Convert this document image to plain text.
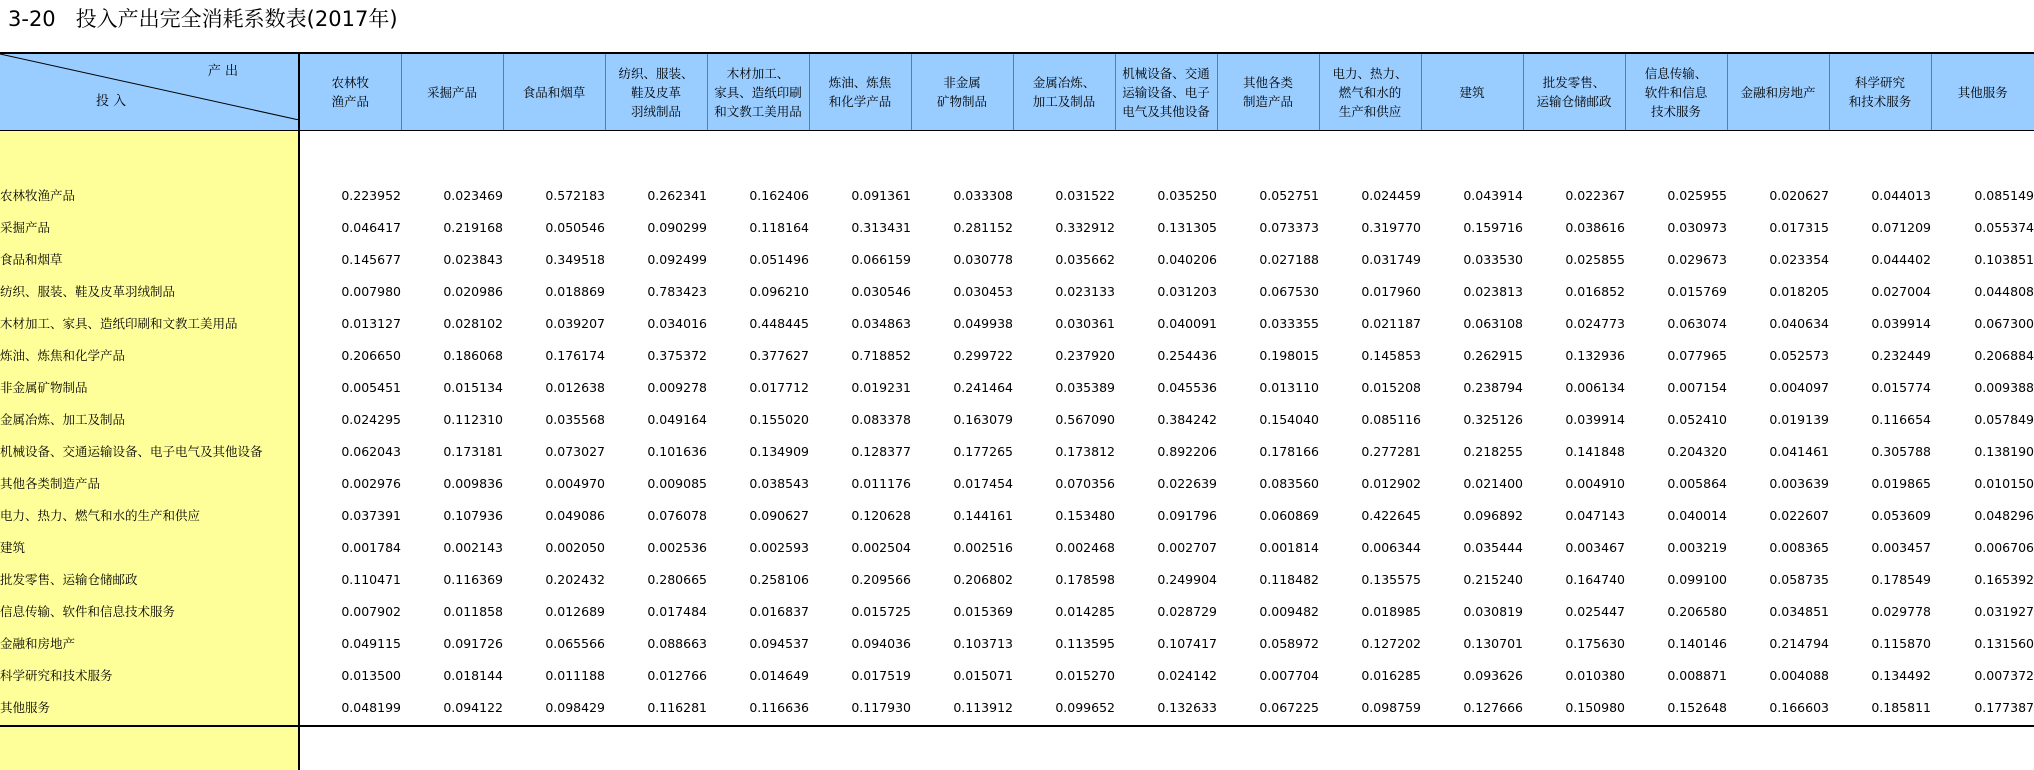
3-20   投入产出完全消耗系数表(2017年)

产 出

投 入	农林牧
渔产品	采掘产品	食品和烟草	纺织、服装、
鞋及皮革
羽绒制品	木材加工、
家具、造纸印刷
和文教工美用品	炼油、炼焦
和化学产品	非金属
矿物制品	金属冶炼、
加工及制品	机械设备、交通
运输设备、电子
电气及其他设备	其他各类
制造产品	电力、热力、
燃气和水的
生产和供应	建筑	批发零售、
运输仓储邮政	信息传输、
软件和信息
技术服务	金融和房地产	科学研究
和技术服务	其他服务

农林牧渔产品	0.223952	0.023469	0.572183	0.262341	0.162406	0.091361	0.033308	0.031522	0.035250	0.052751	0.024459	0.043914	0.022367	0.025955	0.020627	0.044013	0.085149
采掘产品	0.046417	0.219168	0.050546	0.090299	0.118164	0.313431	0.281152	0.332912	0.131305	0.073373	0.319770	0.159716	0.038616	0.030973	0.017315	0.071209	0.055374
食品和烟草	0.145677	0.023843	0.349518	0.092499	0.051496	0.066159	0.030778	0.035662	0.040206	0.027188	0.031749	0.033530	0.025855	0.029673	0.023354	0.044402	0.103851
纺织、服装、鞋及皮革羽绒制品	0.007980	0.020986	0.018869	0.783423	0.096210	0.030546	0.030453	0.023133	0.031203	0.067530	0.017960	0.023813	0.016852	0.015769	0.018205	0.027004	0.044808
木材加工、家具、造纸印刷和文教工美用品	0.013127	0.028102	0.039207	0.034016	0.448445	0.034863	0.049938	0.030361	0.040091	0.033355	0.021187	0.063108	0.024773	0.063074	0.040634	0.039914	0.067300
炼油、炼焦和化学产品	0.206650	0.186068	0.176174	0.375372	0.377627	0.718852	0.299722	0.237920	0.254436	0.198015	0.145853	0.262915	0.132936	0.077965	0.052573	0.232449	0.206884
非金属矿物制品	0.005451	0.015134	0.012638	0.009278	0.017712	0.019231	0.241464	0.035389	0.045536	0.013110	0.015208	0.238794	0.006134	0.007154	0.004097	0.015774	0.009388
金属冶炼、加工及制品	0.024295	0.112310	0.035568	0.049164	0.155020	0.083378	0.163079	0.567090	0.384242	0.154040	0.085116	0.325126	0.039914	0.052410	0.019139	0.116654	0.057849
机械设备、交通运输设备、电子电气及其他设备	0.062043	0.173181	0.073027	0.101636	0.134909	0.128377	0.177265	0.173812	0.892206	0.178166	0.277281	0.218255	0.141848	0.204320	0.041461	0.305788	0.138190
其他各类制造产品	0.002976	0.009836	0.004970	0.009085	0.038543	0.011176	0.017454	0.070356	0.022639	0.083560	0.012902	0.021400	0.004910	0.005864	0.003639	0.019865	0.010150
电力、热力、燃气和水的生产和供应	0.037391	0.107936	0.049086	0.076078	0.090627	0.120628	0.144161	0.153480	0.091796	0.060869	0.422645	0.096892	0.047143	0.040014	0.022607	0.053609	0.048296
建筑	0.001784	0.002143	0.002050	0.002536	0.002593	0.002504	0.002516	0.002468	0.002707	0.001814	0.006344	0.035444	0.003467	0.003219	0.008365	0.003457	0.006706
批发零售、运输仓储邮政	0.110471	0.116369	0.202432	0.280665	0.258106	0.209566	0.206802	0.178598	0.249904	0.118482	0.135575	0.215240	0.164740	0.099100	0.058735	0.178549	0.165392
信息传输、软件和信息技术服务	0.007902	0.011858	0.012689	0.017484	0.016837	0.015725	0.015369	0.014285	0.028729	0.009482	0.018985	0.030819	0.025447	0.206580	0.034851	0.029778	0.031927
金融和房地产	0.049115	0.091726	0.065566	0.088663	0.094537	0.094036	0.103713	0.113595	0.107417	0.058972	0.127202	0.130701	0.175630	0.140146	0.214794	0.115870	0.131560
科学研究和技术服务	0.013500	0.018144	0.011188	0.012766	0.014649	0.017519	0.015071	0.015270	0.024142	0.007704	0.016285	0.093626	0.010380	0.008871	0.004088	0.134492	0.007372
其他服务	0.048199	0.094122	0.098429	0.116281	0.116636	0.117930	0.113912	0.099652	0.132633	0.067225	0.098759	0.127666	0.150980	0.152648	0.166603	0.185811	0.177387
